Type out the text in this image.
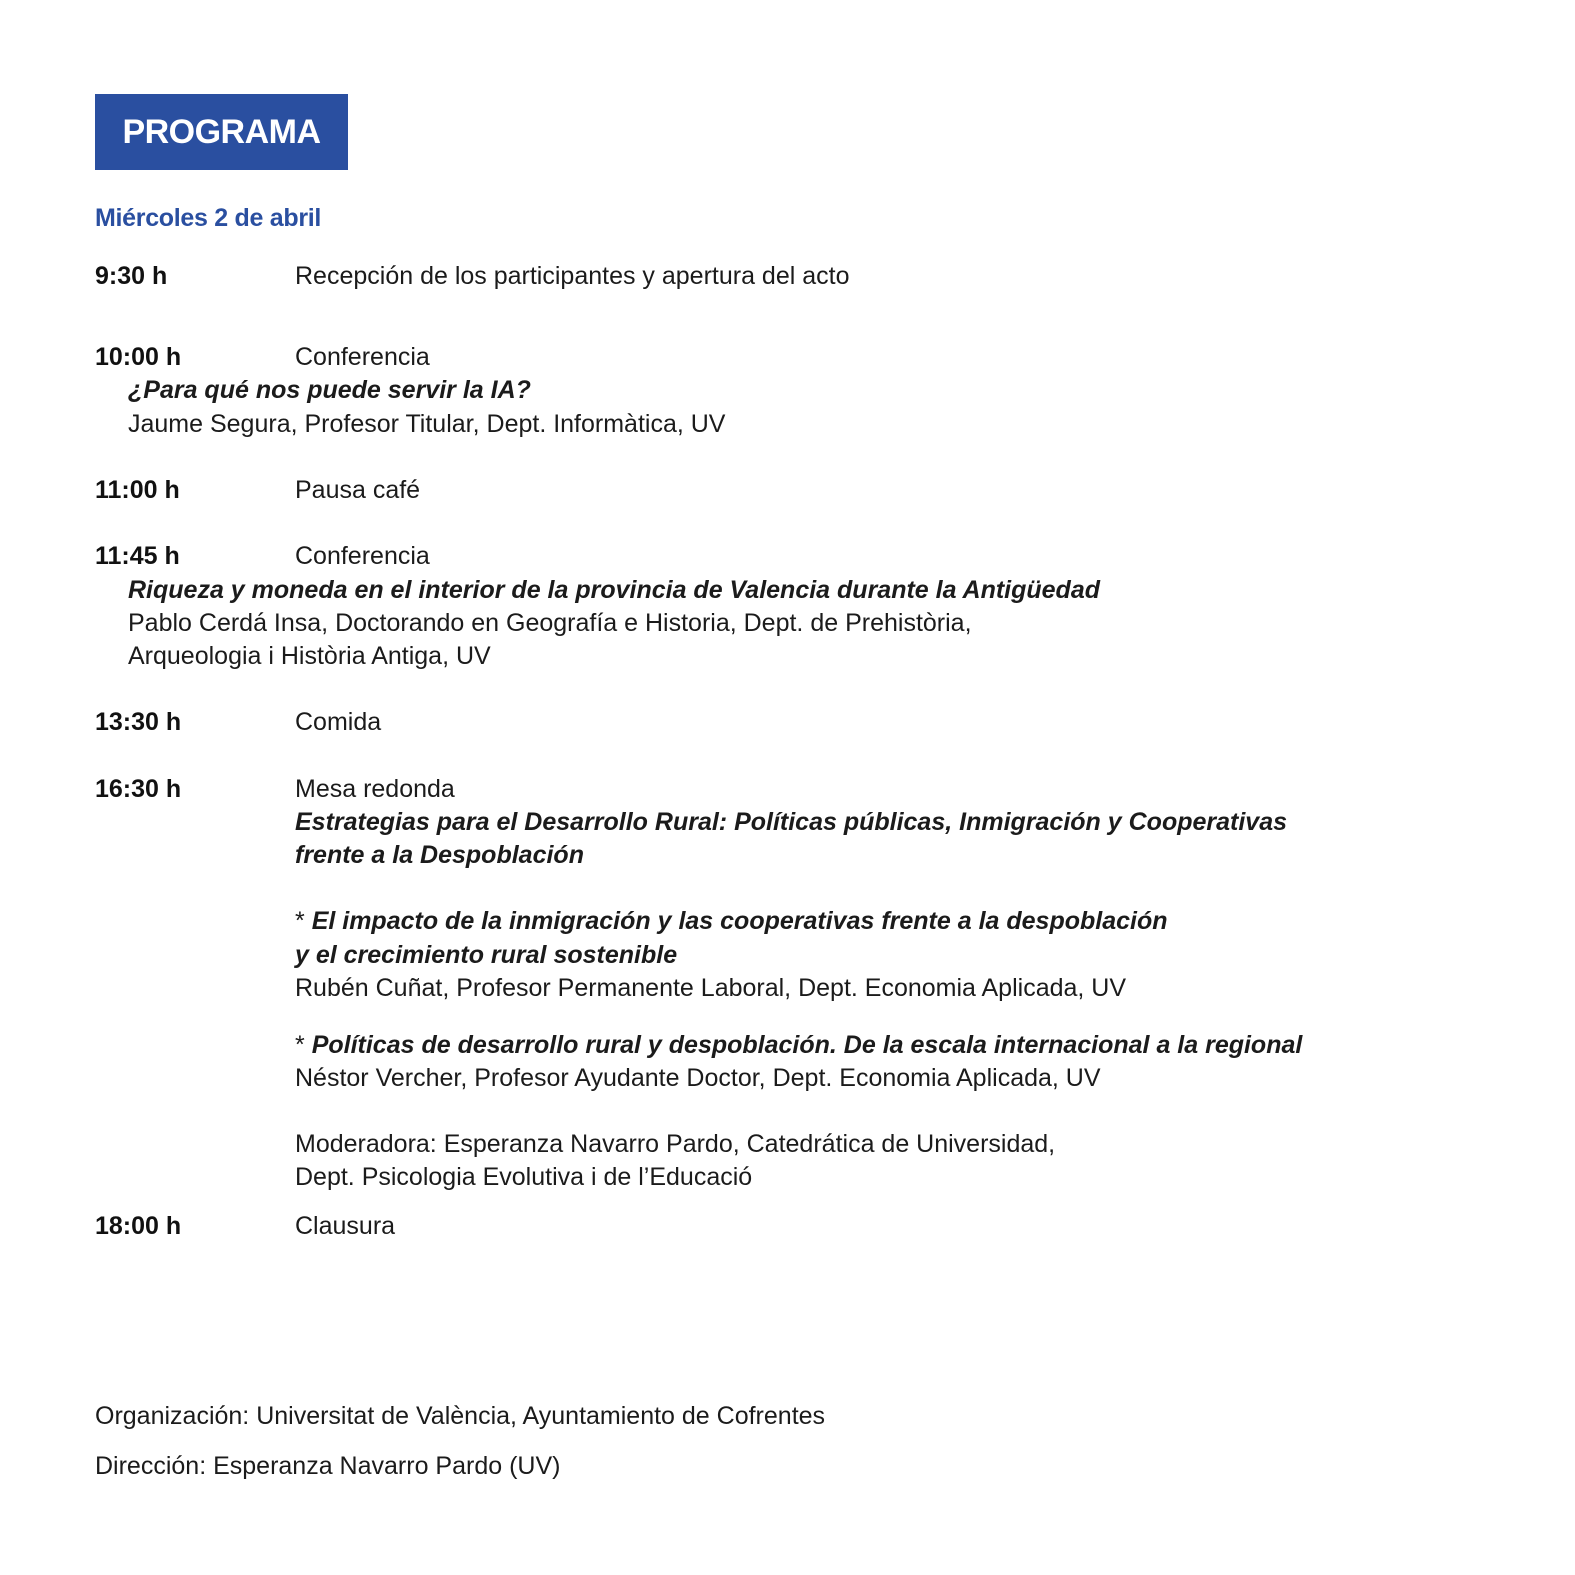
PROGRAMA
Miércoles 2 de abril
9:30 h	Recepción de los participantes y apertura del acto
10:00 h	Conferencia
¿Para qué nos puede servir la IA?
Jaume Segura, Profesor Titular, Dept. Informàtica, UV
11:00 h	Pausa café
11:45 h	Conferencia
Riqueza y moneda en el interior de la provincia de Valencia durante la Antigüedad
Pablo Cerdá Insa, Doctorando en Geografía e Historia, Dept. de Prehistòria,
Arqueologia i Història Antiga, UV
13:30 h	Comida
16:30 h	Mesa redonda
Estrategias para el Desarrollo Rural: Políticas públicas, Inmigración y Cooperativas
frente a la Despoblación
* El impacto de la inmigración y las cooperativas frente a la despoblación
y el crecimiento rural sostenible
Rubén Cuñat, Profesor Permanente Laboral, Dept. Economia Aplicada, UV
* Políticas de desarrollo rural y despoblación. De la escala internacional a la regional
Néstor Vercher, Profesor Ayudante Doctor, Dept. Economia Aplicada, UV
Moderadora: Esperanza Navarro Pardo, Catedrática de Universidad,
Dept. Psicologia Evolutiva i de l’Educació
18:00 h	Clausura
Organización: Universitat de València, Ayuntamiento de Cofrentes
Dirección: Esperanza Navarro Pardo (UV)
